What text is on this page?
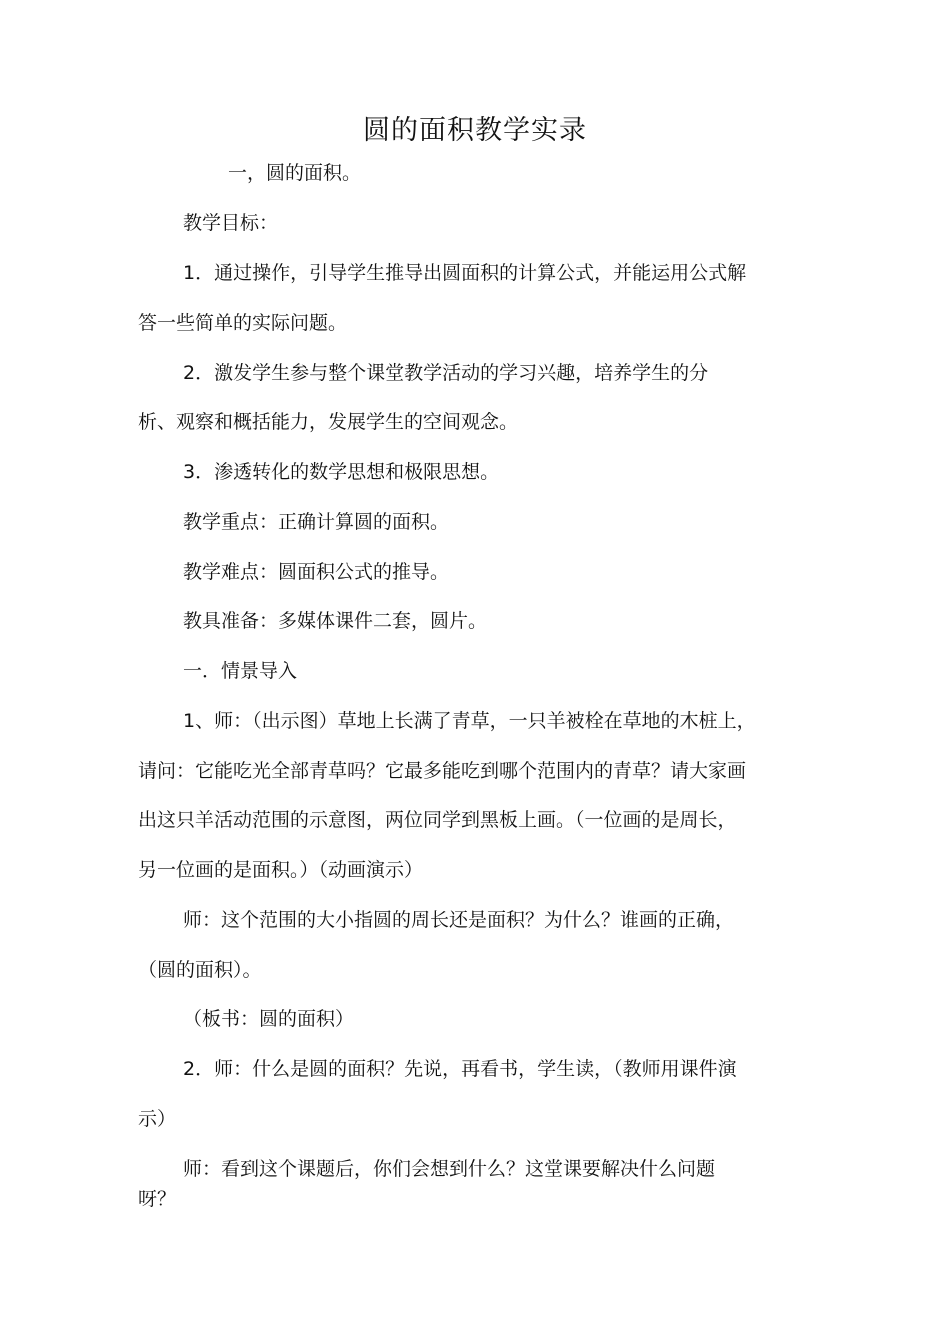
圆的面积教学实录
一，圆的面积。
教学目标：
1．通过操作，引导学生推导出圆面积的计算公式，并能运用公式解
答一些简单的实际问题。
2．激发学生参与整个课堂教学活动的学习兴趣，培养学生的分
析、观察和概括能力，发展学生的空间观念。
3．渗透转化的数学思想和极限思想。
教学重点：正确计算圆的面积。
教学难点：圆面积公式的推导。
教具准备：多媒体课件二套，圆片。
一．情景导入
1、师：（出示图）草地上长满了青草，一只羊被栓在草地的木桩上，
请问：它能吃光全部青草吗？它最多能吃到哪个范围内的青草？请大家画
出这只羊活动范围的示意图，两位同学到黑板上画。（一位画的是周长，
另一位画的是面积。）（动画演示）
师：这个范围的大小指圆的周长还是面积？为什么？谁画的正确，
（圆的面积）。
（板书：圆的面积）
2．师：什么是圆的面积？先说，再看书，学生读，（教师用课件演
示）
师：看到这个课题后，你们会想到什么？这堂课要解决什么问题
呀？
